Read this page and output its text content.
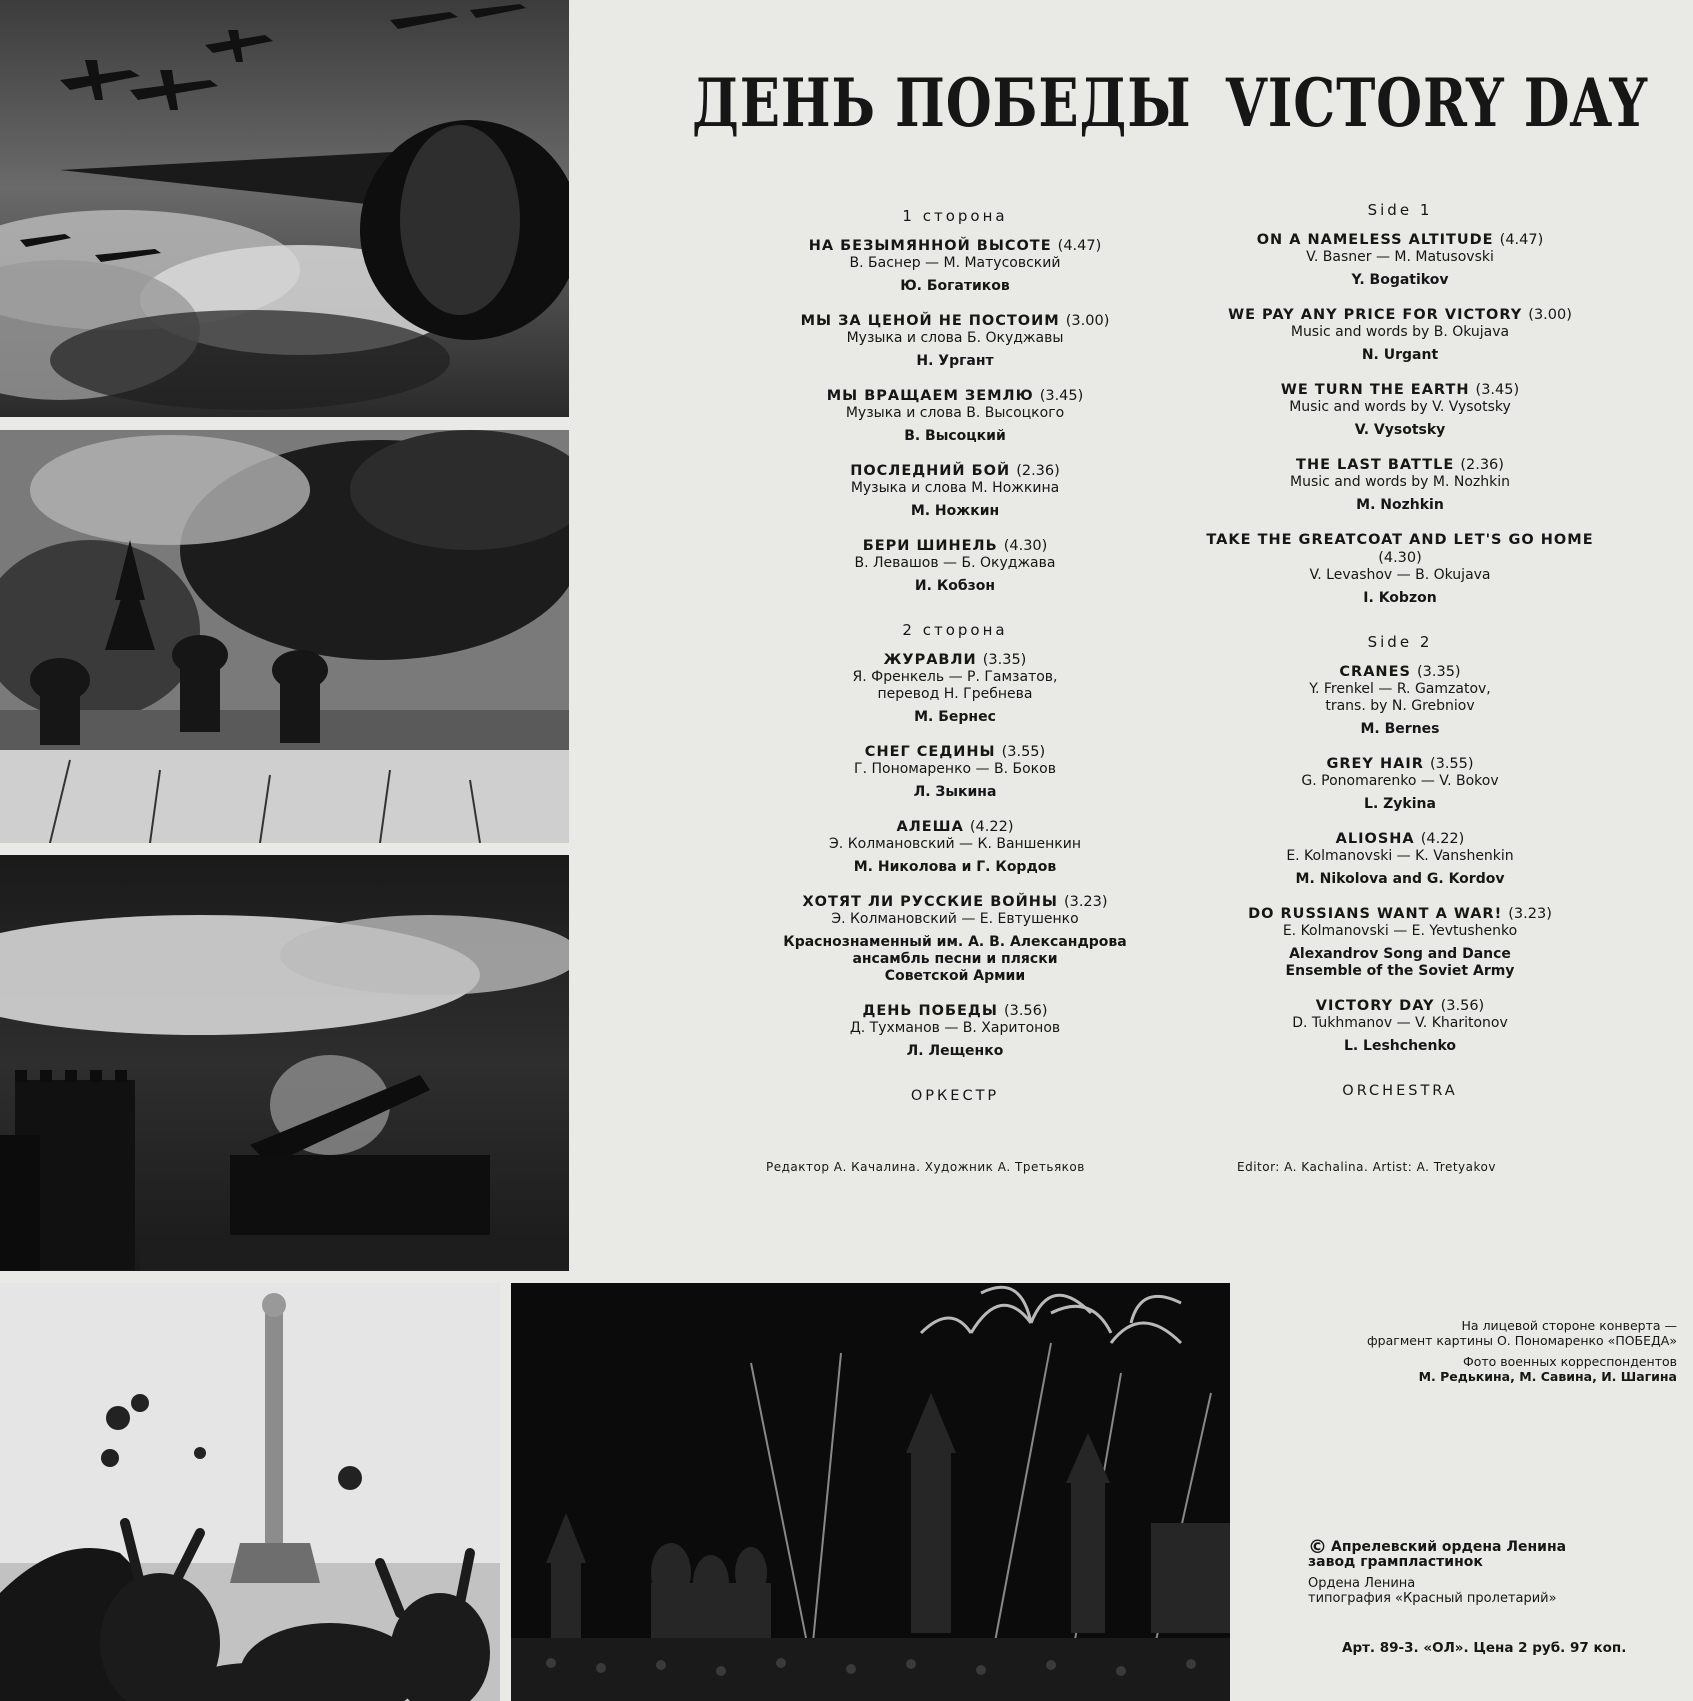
ДЕНЬ ПОБЕДЫ VICTORY DAY
1 сторона
НА БЕЗЫМЯННОЙ ВЫСОТЕ (4.47)
В. Баснер — М. Матусовский
Ю. Богатиков
МЫ ЗА ЦЕНОЙ НЕ ПОСТОИМ (3.00)
Музыка и слова Б. Окуджавы
Н. Ургант
МЫ ВРАЩАЕМ ЗЕМЛЮ (3.45)
Музыка и слова В. Высоцкого
В. Высоцкий
ПОСЛЕДНИЙ БОЙ (2.36)
Музыка и слова М. Ножкина
М. Ножкин
БЕРИ ШИНЕЛЬ (4.30)
В. Левашов — Б. Окуджава
И. Кобзон
2 сторона
ЖУРАВЛИ (3.35)
Я. Френкель — Р. Гамзатов,
перевод Н. Гребнева
М. Бернес
СНЕГ СЕДИНЫ (3.55)
Г. Пономаренко — В. Боков
Л. Зыкина
АЛЕША (4.22)
Э. Колмановский — К. Ваншенкин
М. Николова и Г. Кордов
ХОТЯТ ЛИ РУССКИЕ ВОЙНЫ (3.23)
Э. Колмановский — Е. Евтушенко
Краснознаменный им. А. В. Александрова
ансамбль песни и пляски
Советской Армии
ДЕНЬ ПОБЕДЫ (3.56)
Д. Тухманов — В. Харитонов
Л. Лещенко
ОРКЕСТР
Редактор А. Качалина. Художник А. Третьяков
Side 1
ON A NAMELESS ALTITUDE (4.47)
V. Basner — M. Matusovski
Y. Bogatikov
WE PAY ANY PRICE FOR VICTORY (3.00)
Music and words by B. Okujava
N. Urgant
WE TURN THE EARTH (3.45)
Music and words by V. Vysotsky
V. Vysotsky
THE LAST BATTLE (2.36)
Music and words by M. Nozhkin
M. Nozhkin
TAKE THE GREATCOAT AND LET'S GO HOME (4.30)
V. Levashov — B. Okujava
I. Kobzon
Side 2
CRANES (3.35)
Y. Frenkel — R. Gamzatov,
trans. by N. Grebniov
M. Bernes
GREY HAIR (3.55)
G. Ponomarenko — V. Bokov
L. Zykina
ALIOSHA (4.22)
E. Kolmanovski — K. Vanshenkin
M. Nikolova and G. Kordov
DO RUSSIANS WANT A WAR! (3.23)
E. Kolmanovski — E. Yevtushenko
Alexandrov Song and Dance
Ensemble of the Soviet Army
VICTORY DAY (3.56)
D. Tukhmanov — V. Kharitonov
L. Leshchenko
ORCHESTRA
Editor: A. Kachalina. Artist: A. Tretyakov
На лицевой стороне конверта —
фрагмент картины О. Пономаренко «ПОБЕДА»
Фото военных корреспондентов
М. Редькина, М. Савина, И. Шагина
© Апрелевский ордена Ленина
завод грампластинок
Ордена Ленина
типография «Красный пролетарий»
Арт. 89-3. «ОЛ». Цена 2 руб. 97 коп.
